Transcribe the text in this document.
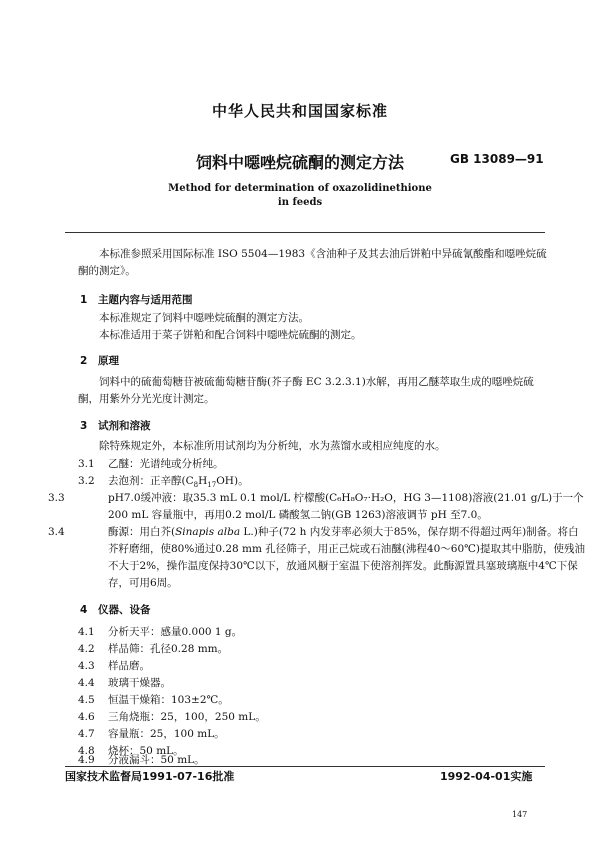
中华人民共和国国家标准
饲料中噁唑烷硫酮的测定方法	GB 13089—91
Method for determination of oxazolidinethione
in feeds
本标准参照采用国际标准 ISO 5504—1983《含油种子及其去油后饼粕中异硫氰酸酯和噁唑烷硫酮的测定》。
1 主题内容与适用范围
本标准规定了饲料中噁唑烷硫酮的测定方法。
本标准适用于菜子饼粕和配合饲料中噁唑烷硫酮的测定。
2 原理
饲料中的硫葡萄糖苷被硫葡萄糖苷酶(芥子酶 EC 3.2.3.1)水解，再用乙醚萃取生成的噁唑烷硫酮，用紫外分光光度计测定。
3 试剂和溶液
除特殊规定外，本标准所用试剂均为分析纯，水为蒸馏水或相应纯度的水。
3.1 乙醚：光谱纯或分析纯。
3.2 去泡剂：正辛醇$(C_8H_{17}OH)$。
3.3	pH7.0缓冲液：取35.3 mL 0.1 mol/L 柠檬酸(C₆H₈O₇·H₂O，HG 3—1108)溶液(21.01 g/L)于一个200 mL 容量瓶中，再用0.2 mol/L 磷酸氢二钠(GB 1263)溶液调节 pH 至7.0。
3.4	酶源：用白芥(Sinapis alba L.)种子(72 h 内发芽率必须大于85%，保存期不得超过两年)制备。将白芥籽磨细，使80%通过0.28 mm 孔径筛子，用正己烷或石油醚(沸程40～60℃)提取其中脂肪，使残油不大于2%，操作温度保持30℃以下，放通风橱于室温下使溶剂挥发。此酶源置具塞玻璃瓶中4℃下保存，可用6周。
4 仪器、设备
4.1 分析天平：感量0.000 1 g。
4.2 样品筛：孔径0.28 mm。
4.3 样品磨。
4.4 玻璃干燥器。
4.5 恒温干燥箱：103±2℃。
4.6 三角烧瓶：25，100，250 mL。
4.7 容量瓶：25，100 mL。
4.8 烧杯：50 mL。
4.9 分液漏斗：50 mL。
国家技术监督局1991-07-16批准	1992-04-01实施
147
